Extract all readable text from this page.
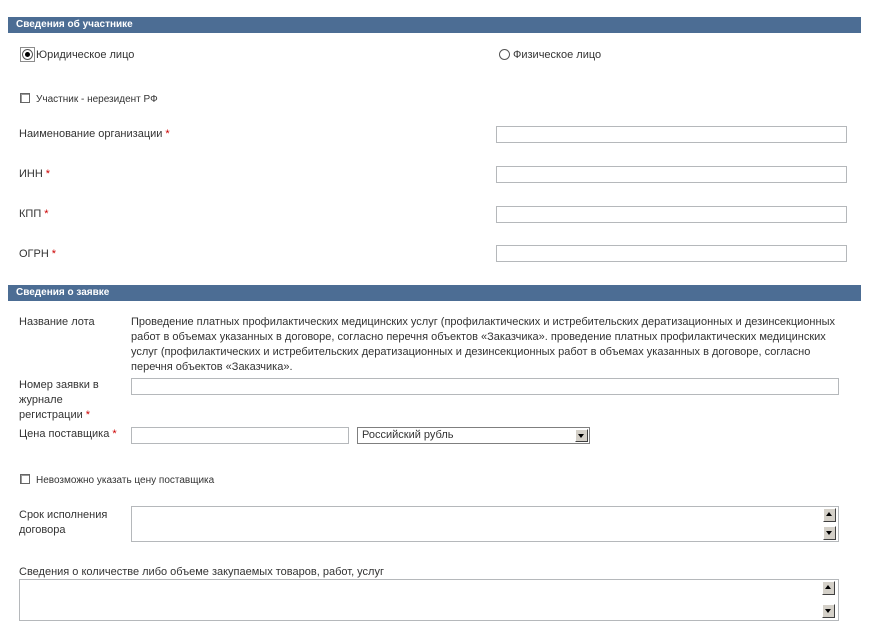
Сведения об участнике
Юридическое лицо	Физическое лицо
Участник - нерезидент РФ
Наименование организации *
ИНН *
КПП *
ОГРН *
Сведения о заявке
Название лота	Проведение платных профилактических медицинских услуг (профилактических и истребительских дератизационных и дезинсекционных работ в объемах указанных в договоре, согласно перечня объектов «Заказчика». проведение платных профилактических медицинских услуг (профилактических и истребительских дератизационных и дезинсекционных работ в объемах указанных в договоре, согласно перечня объектов «Заказчика».
Номер заявки в журнале регистрации *
Цена поставщика *	Российский рубль
Невозможно указать цену поставщика
Срок исполнения договора
Сведения о количестве либо объеме закупаемых товаров, работ, услуг
